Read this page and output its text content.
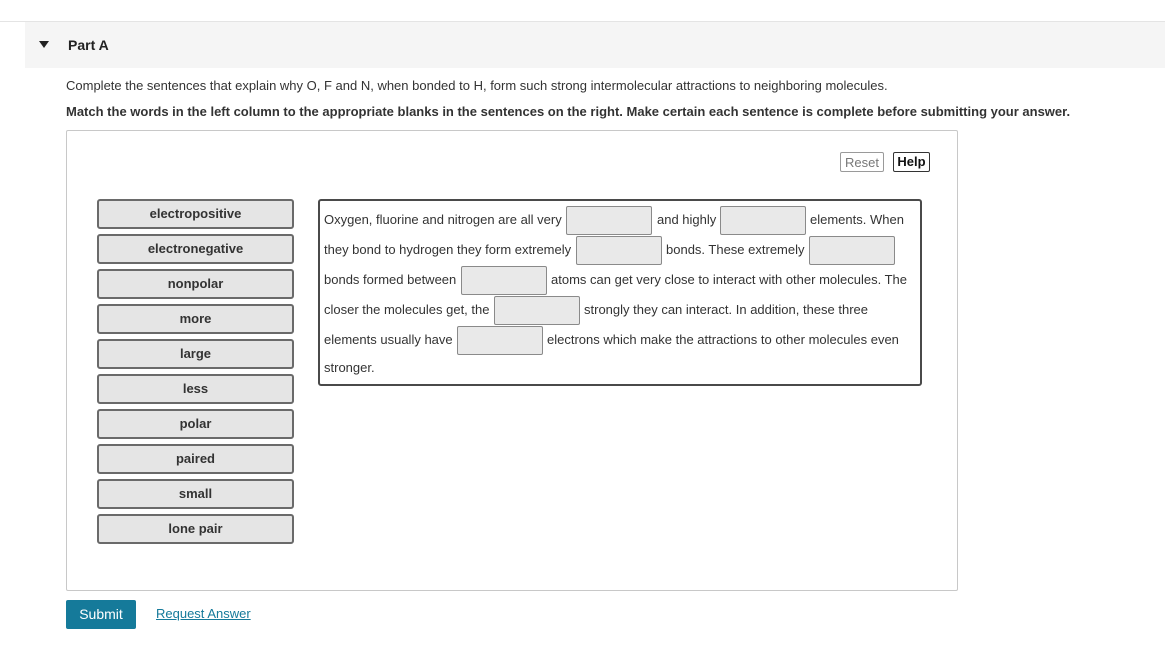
Part A
Complete the sentences that explain why O, F and N, when bonded to H, form such strong intermolecular attractions to neighboring molecules.
Match the words in the left column to the appropriate blanks in the sentences on the right. Make certain each sentence is complete before submitting your answer.
Reset	Help
electropositive
electronegative
nonpolar
more
large
less
polar
paired
small
lone pair
Oxygen, fluorine and nitrogen are all very	and highly	elements. When
they bond to hydrogen they form extremely	bonds. These extremely
bonds formed between	atoms can get very close to interact with other molecules. The
closer the molecules get, the	strongly they can interact. In addition, these three
elements usually have	electrons which make the attractions to other molecules even
stronger.
Submit	Request Answer
